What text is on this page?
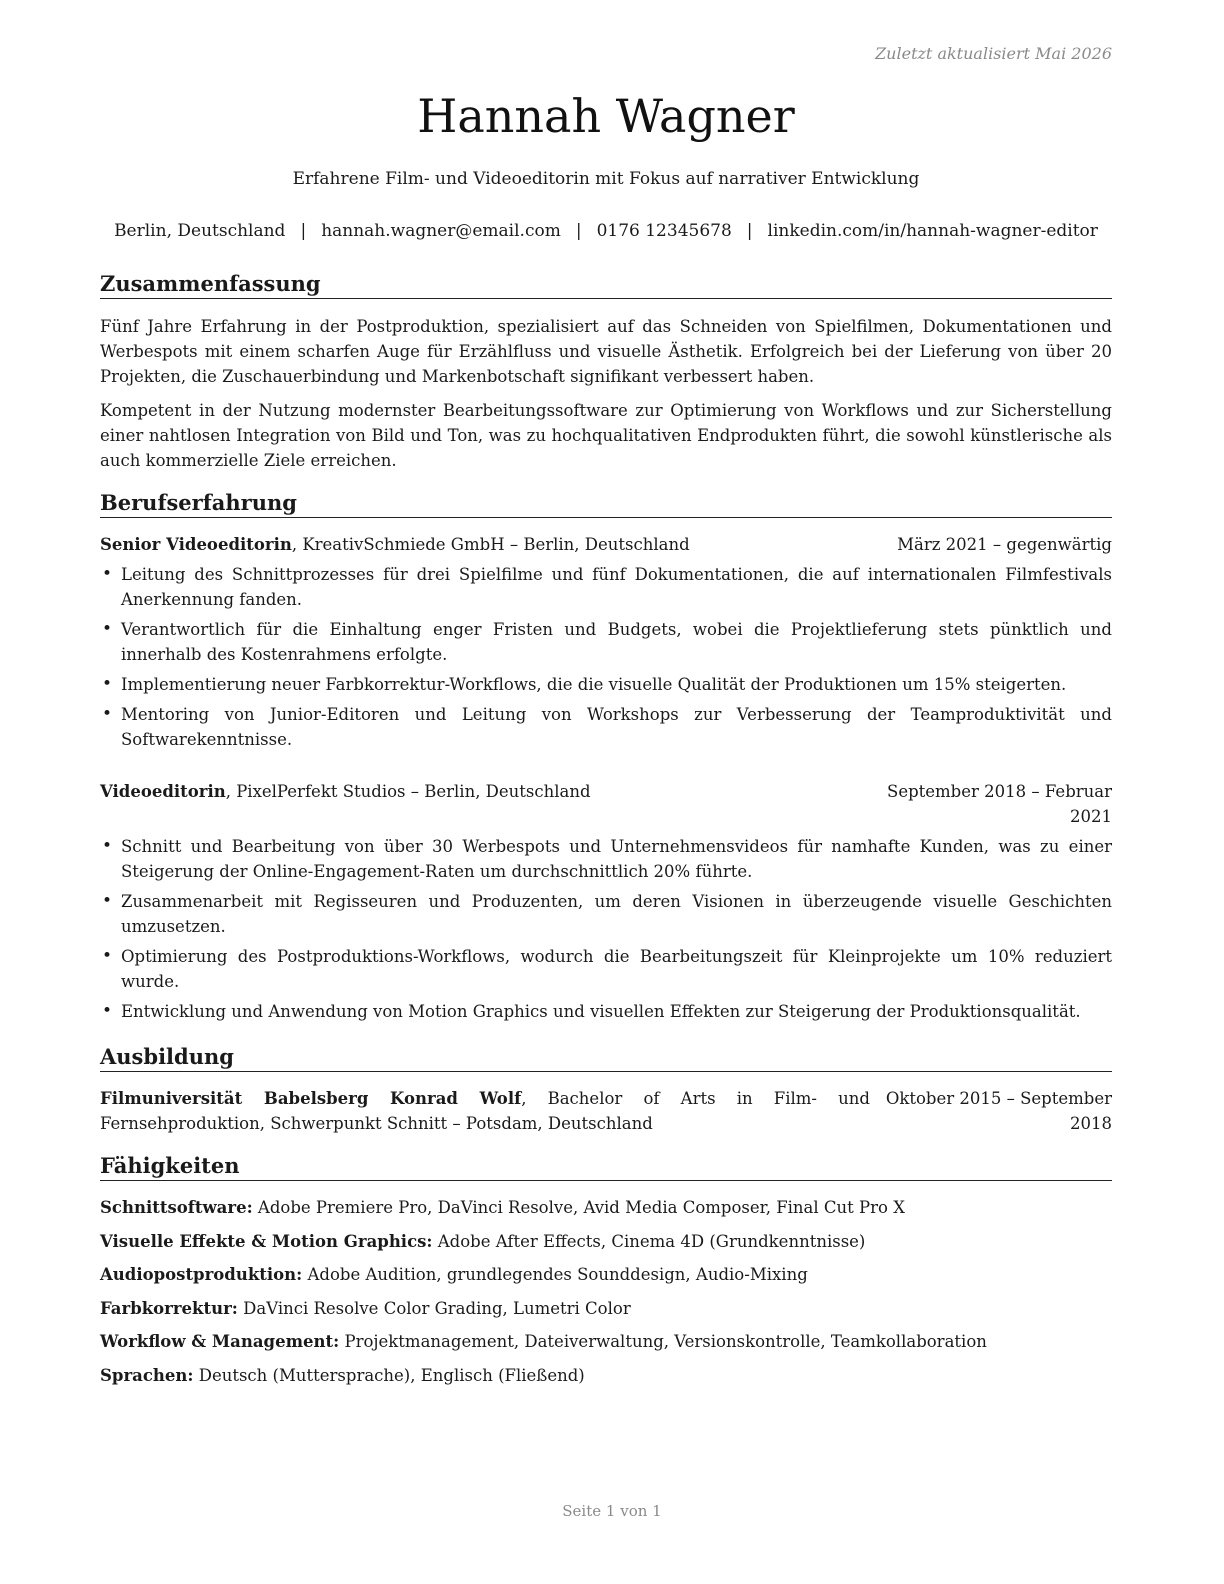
Zuletzt aktualisiert Mai 2026
Hannah Wagner
Erfahrene Film- und Videoeditorin mit Fokus auf narrativer Entwicklung
Berlin, Deutschland | hannah.wagner@email.com | 0176 12345678 | linkedin.com/in/hannah-wagner-editor
Zusammenfassung
Fünf Jahre Erfahrung in der Postproduktion, spezialisiert auf das Schneiden von Spielfilmen, Dokumentationen und Werbespots mit einem scharfen Auge für Erzählfluss und visuelle Ästhetik. Erfolgreich bei der Lieferung von über 20 Projekten, die Zuschauerbindung und Markenbotschaft signifikant verbessert haben.
Kompetent in der Nutzung modernster Bearbeitungssoftware zur Optimierung von Workflows und zur Sicherstellung einer nahtlosen Integration von Bild und Ton, was zu hochqualitativen Endprodukten führt, die sowohl künstlerische als auch kommerzielle Ziele erreichen.
Berufserfahrung
Senior Videoeditorin, KreativSchmiede GmbH – Berlin, Deutschland	März 2021 – gegenwärtig
• Leitung des Schnittprozesses für drei Spielfilme und fünf Dokumentationen, die auf internationalen Filmfestivals Anerkennung fanden.
• Verantwortlich für die Einhaltung enger Fristen und Budgets, wobei die Projektlieferung stets pünktlich und innerhalb des Kostenrahmens erfolgte.
• Implementierung neuer Farbkorrektur-Workflows, die die visuelle Qualität der Produktionen um 15% steigerten.
• Mentoring von Junior-Editoren und Leitung von Workshops zur Verbesserung der Teamproduktivität und Softwarekenntnisse.
Videoeditorin, PixelPerfekt Studios – Berlin, Deutschland	September 2018 – Februar 2021
• Schnitt und Bearbeitung von über 30 Werbespots und Unternehmensvideos für namhafte Kunden, was zu einer Steigerung der Online-Engagement-Raten um durchschnittlich 20% führte.
• Zusammenarbeit mit Regisseuren und Produzenten, um deren Visionen in überzeugende visuelle Geschichten umzusetzen.
• Optimierung des Postproduktions-Workflows, wodurch die Bearbeitungszeit für Kleinprojekte um 10% reduziert wurde.
• Entwicklung und Anwendung von Motion Graphics und visuellen Effekten zur Steigerung der Produktionsqualität.
Ausbildung
Filmuniversität Babelsberg Konrad Wolf, Bachelor of Arts in Film- und Fernsehproduktion, Schwerpunkt Schnitt – Potsdam, Deutschland
Oktober 2015 – September 2018
Fähigkeiten
Schnittsoftware: Adobe Premiere Pro, DaVinci Resolve, Avid Media Composer, Final Cut Pro X
Visuelle Effekte & Motion Graphics: Adobe After Effects, Cinema 4D (Grundkenntnisse)
Audiopostproduktion: Adobe Audition, grundlegendes Sounddesign, Audio-Mixing
Farbkorrektur: DaVinci Resolve Color Grading, Lumetri Color
Workflow & Management: Projektmanagement, Dateiverwaltung, Versionskontrolle, Teamkollaboration
Sprachen: Deutsch (Muttersprache), Englisch (Fließend)
Seite 1 von 1
